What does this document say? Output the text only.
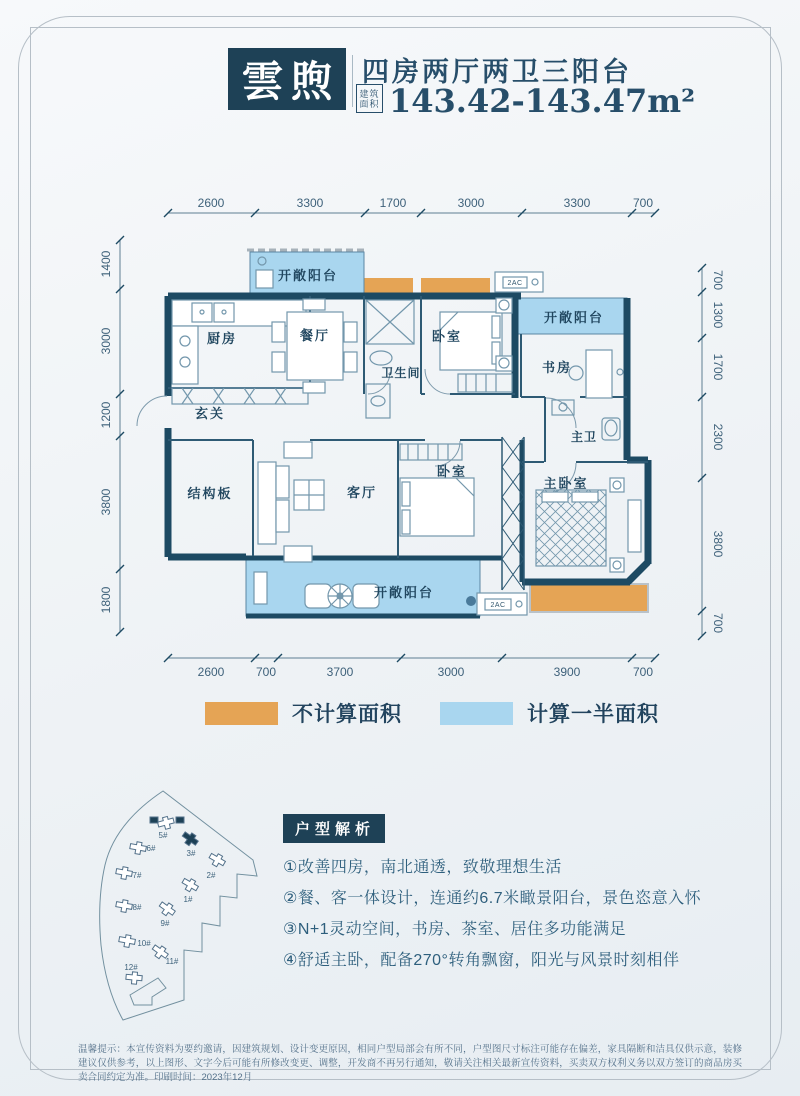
雲煦 四房两厅两卫三阳台
建筑
面积 143.42-143.47m²
2AC
2AC
厨房	餐厅
开敞阳台
卫生间
卧室
开敞阳台
书房
主卫
玄关
结构板	客厅
卧室
主卧室
开敞阳台
2600	3300	1700	3000	3300	700
2600	700	3700	3000	3900	700
1400
3000
1200
3800
1800
700
1300
1700
2300
3800
700
不计算面积	计算一半面积
5#
6#
3#
2#
7#
1#
8#
9#
10#
11#
12#
户型解析
①改善四房，南北通透，致敬理想生活
②餐、客一体设计，连通约6.7米瞰景阳台，景色恣意入怀
③N+1灵动空间，书房、茶室、居住多功能满足
④舒适主卧，配备270°转角飘窗，阳光与风景时刻相伴
温馨提示：本宣传资料为要约邀请，因建筑规划、设计变更原因，相同户型局部会有所不同，户型图尺寸标注可能存在偏差，家具隔断和洁具仅供示意，装修建议仅供参考，以上图形、文字今后可能有所修改变更、调整，开发商不再另行通知，敬请关注相关最新宣传资料，买卖双方权利义务以双方签订的商品房买卖合同约定为准。印刷时间：2023年12月
